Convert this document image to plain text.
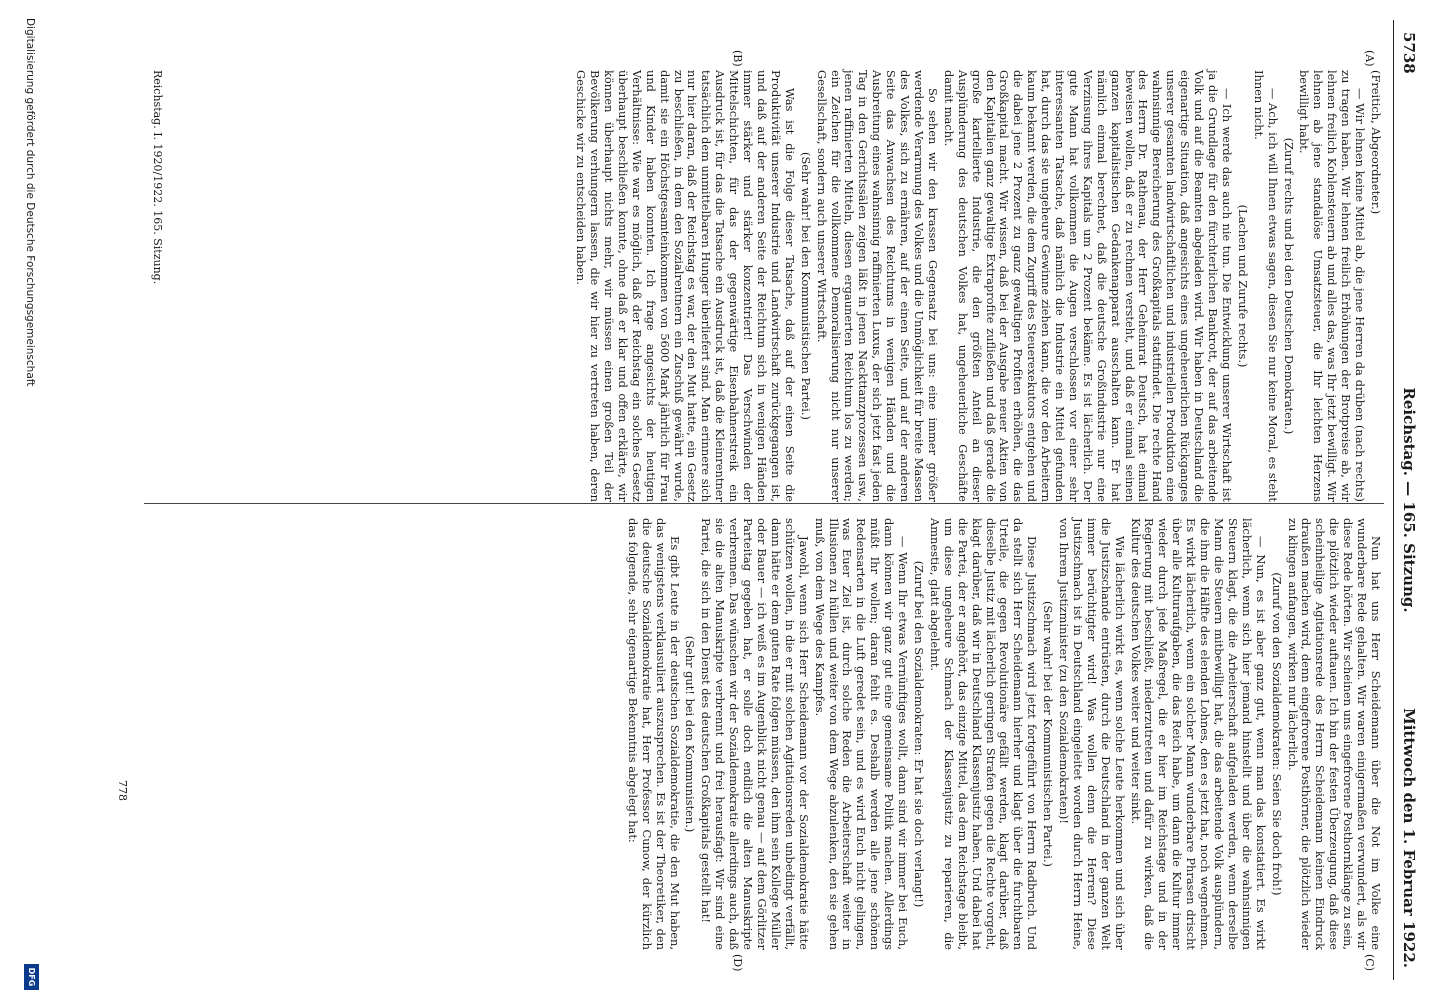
5738
Reichstag. — 165. Sitzung.
Mittwoch den 1. Februar 1922.
(A)
(B)
(C)
(D)

(Freitich, Abgeordneter.)

— Wir lehnen keine Mittel ab, die jene Herren da drüben (nach rechts) zu tragen haben. Wir lehnen freilich Erhöhungen der Brotpreise ab, wir lehnen freilich Kohlensteuern ab und alles das, was Ihr jetzt bewilligt. Wir lehnen ab jene standalöse Umsatzsteuer, die Ihr leichten Herzens bewilligt habt.

(Zuruf rechts und bei den Deutschen Demokraten.)

— Ach, ich will Ihnen etwas sagen, diesen Sie nur keine Moral, es steht Ihnen nicht.

(Lachen und Zurufe rechts.)

— Ich werde das auch nie tun. Die Entwicklung unserer Wirtschaft ist ja die Grundlage für den fürchterlichen Bankrott, der auf das arbeitende Volk und auf die Beamten abgeladen wird. Wir haben in Deutschland die eigenartige Situation, daß angesichts eines ungeheuerlichen Rückganges unserer gesamten landwirtschaftlichen und industriellen Produktion eine wahnsinnige Bereicherung des Großkapitals stattfindet. Die rechte Hand des Herrn Dr. Rathenau, der Herr Geheimrat Deutsch, hat einmal beweisen wollen, daß er zu rechnen versteht, und daß er einmal seinen ganzen kapitalistischen Gedankenapparat ausschalten kann. Er hat nämlich einmal berechnet, daß die deutsche Großindustrie nur eine Verzinsung ihres Kapitals um 2 Prozent bekäme. Es ist lächerlich. Der gute Mann hat vollkommen die Augen verschlossen vor einer sehr interessanten Tatsache, daß nämlich die Industrie ein Mittel gefunden hat, durch das sie ungeheure Gewinne ziehen kann, die vor den Arbeitern kaum bekannt werden, die dem Zugriff des Steuerexekutors entgehen und die dabei jene 2 Prozent zu ganz gewaltigen Profiten erhöhen, die das Großkapital macht. Wir wissen, daß bei der Ausgabe neuer Aktien von den Kapitalien ganz gewaltige Extraprofite zufließen und daß gerade die große kartellierte Industrie, die den größten Anteil an dieser Ausplünderung des deutschen Volkes hat, ungeheuerliche Geschäfte damit macht.

So sehen wir den krassen Gegensatz bei uns: eine immer größer werdende Verarmung des Volkes und die Unmöglichkeit für breite Massen des Volkes, sich zu ernähren, auf der einen Seite, und auf der anderen Seite das Anwachsen des Reichtums in wenigen Händen und die Ausbreitung eines wahnsinnig raffinierten Luxus, der sich jetzt fast jeden Tag in den Gerichtssälen zeigen läßt in jenen Nackttanzprozessen usw., jenen raffinierten Mitteln, diesen ergaunerten Reichtum los zu werden; ein Zeichen für die vollkommene Demoralisierung nicht nur unserer Gesellschaft, sondern auch unserer Wirtschaft.

(Sehr wahr! bei den Kommunistischen Partei.)

Was ist die Folge dieser Tatsache, daß auf der einen Seite die Produktivität unserer Industrie und Landwirtschaft zurückgegangen ist, und daß auf der anderen Seite der Reichtum sich in wenigen Händen immer stärker und stärker konzentriert! Das Verschwinden der Mittelschichten, für das der gegenwärtige Eisenbahnerstreik ein Ausdruck ist, für das die Tatsache ein Ausdruck ist, daß die Kleinrentner tatsächlich dem unmittelbaren Hunger überliefert sind. Man erinnere sich nur hier daran, daß der Reichstag es war, der den Mut hatte, ein Gesetz zu beschließen, in dem den Sozialrentnern ein Zuschuß gewährt wurde, damit sie ein Höchstgesamteinkommen von 5600 Mark jährlich für Frau und Kinder haben konnten. Ich frage angesichts der heutigen Verhältnisse: Wie war es möglich, daß der Reichstag ein solches Gesetz überhaupt beschließen konnte, ohne daß er klar und offen erklärte, wir können überhaupt nichts mehr, wir müssen einen großen Teil der Bevölkerung verhungern lassen, die wir hier zu vertreten haben, deren Geschicke wir zu entscheiden haben.

Nun hat uns Herr Scheidemann über die Not im Volke eine wunderbare Rede gehalten. Wir waren einigermaßen verwundert, als wir diese Rede hörten. Wir scheinen uns eingefrorene Posthornklänge zu sein, die plötzlich wieder auftauen. Ich bin der festen Überzeugung, daß diese scheinheilige Agitationsrede des Herrn Scheidemann keinen Eindruck draußen machen wird, denn eingefrorene Posthörner, die plötzlich wieder zu klingen anfangen, wirken nur lächerlich.

(Zuruf von den Sozialdemokraten: Seien Sie doch froh!)

— Nun, es ist aber ganz gut, wenn man das konstatiert. Es wirkt lächerlich, wenn sich hier jemand hinstellt und über die wahnsinnigen Steuern klagt, die die Arbeiterschaft aufgeladen werden, wenn derselbe Mann die Steuern mitbewilligt hat, die das arbeitende Volk ausplündern, die ihm die Hälfte des elenden Lohnes, den es jetzt hat, noch wegnehmen. Es wirkt lächerlich, wenn ein solcher Mann wunderbare Phrasen drischt über alle Kulturaufgaben, die das Reich habe, um dann die Kultur immer wieder durch jede Maßregel, die er hier im Reichstage und in der Regierung mit beschließt, niederzutreten und dafür zu wirken, daß die Kultur des deutschen Volkes weiter und weiter sinkt.

Wie lächerlich wirkt es, wenn solche Leute herkommen und sich über die Justizschande entrüsten, durch die Deutschland in der ganzen Welt immer berüchtigter wird! Was wollen denn die Herren? Diese Justizschmach ist in Deutschland eingeleitet worden durch Herrn Heine, von Ihrem Justizminister (zu den Sozialdemokraten)!

(Sehr wahr! bei der Kommunistischen Partei.)

Diese Justizschmach wird jetzt fortgeführt von Herrn Radbruch. Und da stellt sich Herr Scheidemann hierher und klagt über die furchtbaren Urteile, die gegen Revolutionäre gefällt werden, klagt darüber, daß dieselbe Justiz mit lächerlich geringen Strafen gegen die Rechte vorgeht, klagt darüber, daß wir in Deutschland Klassenjustiz haben. Und dabei hat die Partei, der er angehört, das einzige Mittel, das dem Reichstage bleibt, um diese ungeheure Schmach der Klassenjustiz zu reparieren, die Amnestie, glatt abgelehnt.

(Zuruf bei den Sozialdemokraten: Er hat sie doch verlangt!)

— Wenn Ihr etwas Vernünftiges wollt, dann sind wir immer bei Euch, dann können wir ganz gut eine gemeinsame Politik machen. Allerdings müßt Ihr wollen; daran fehlt es. Deshalb werden alle jene schönen Redensarten in die Luft geredet sein, und es wird Euch nicht gelingen, was Euer Ziel ist, durch solche Reden die Arbeiterschaft weiter in Illusionen zu hüllen und weiter von dem Wege abzulenken, den sie gehen muß, von dem Wege des Kampfes.

Jawohl, wenn sich Herr Scheidemann vor der Sozialdemokratie hätte schützen wollen, in die er mit solchen Agitationsreden unbedingt verfällt, dann hätte er dem guten Rate folgen müssen, den ihm sein Kollege Müller oder Bauer — ich weiß es im Augenblick nicht genau — auf dem Görlitzer Parteitag gegeben hat, er solle doch endlich die alten Manuskripte verbrennen. Das wünschen wir der Sozialdemokratie allerdings auch, daß sie die alten Manuskripte verbrennt und frei herausfagt: Wir sind eine Partei, die sich in den Dienst des deutschen Großkapitals gestellt hat!

(Sehr gut! bei den Kommunisten.)

Es gibt Leute in der deutschen Sozialdemokratie, die den Mut haben, das wenigstens verklausuliert auszusprechen. Es ist der Theoretiker, den die deutsche Sozialdemokratie hat, Herr Professor Cunow, der kürzlich das folgende, sehr eigenartige Bekenntnis abgelegt hat:

Reichstag. I. 1920/1922. 165. Sitzung.
778
Digitalisierung gefördert durch die Deutsche Forschungsgemeinschaft
DFG
